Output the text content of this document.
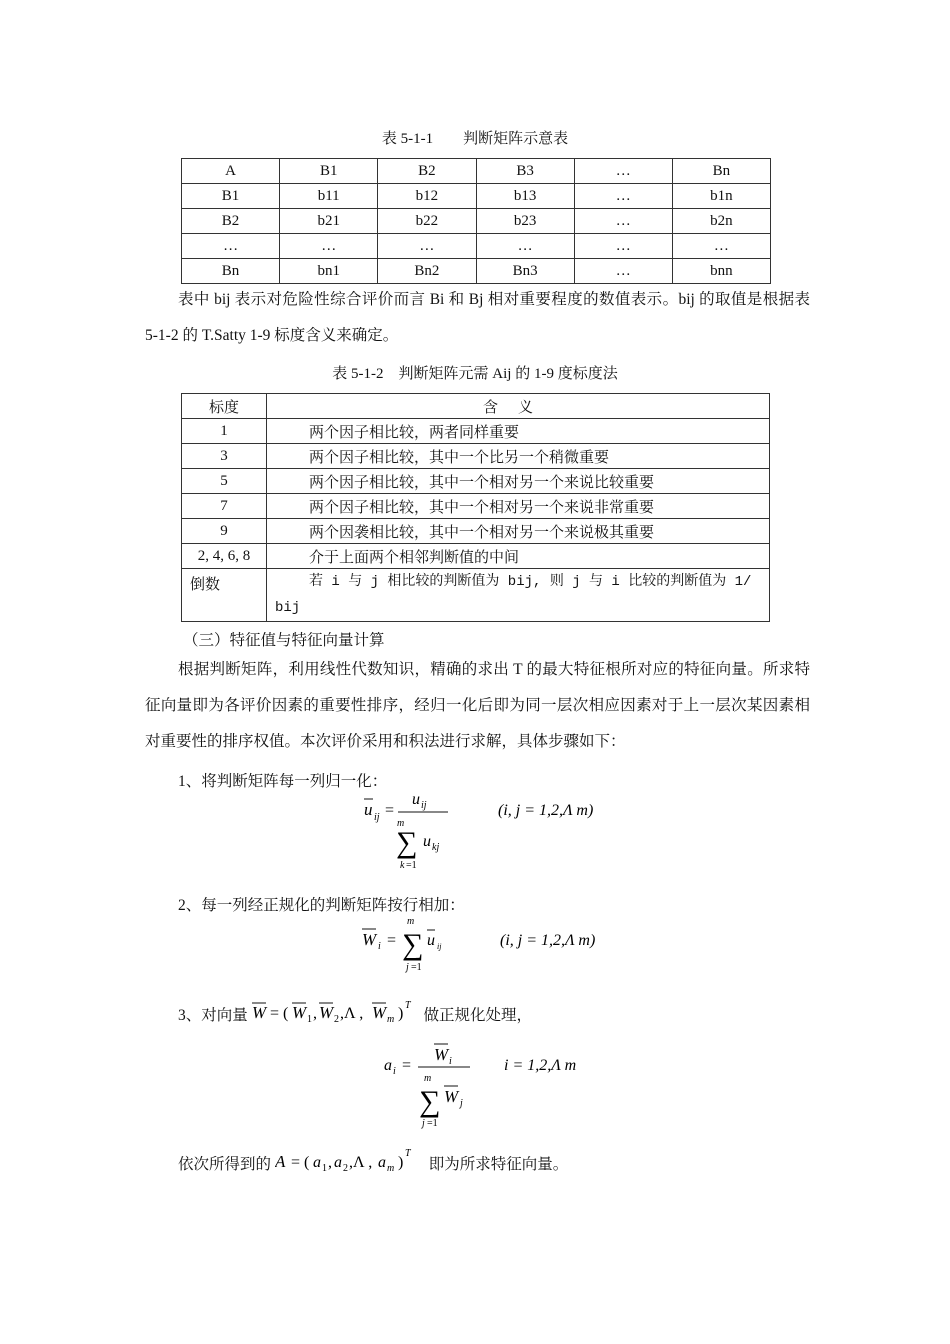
表 5-1-1　　判断矩阵示意表
A	B1	B2	B3	…	Bn
B1	b11	b12	b13	…	b1n
B2	b21	b22	b23	…	b2n
…	…	…	…	…	…
Bn	bn1	Bn2	Bn3	…	bnn
表中 bij 表示对危险性综合评价而言 Bi 和 Bj 相对重要程度的数值表示。bij 的取值是根据表 5-1-2 的 T.Satty 1-9 标度含义来确定。
表 5-1-2　判断矩阵元需 Aij 的 1-9 度标度法
标度	含义
1	两个因子相比较，两者同样重要
3	两个因子相比较，其中一个比另一个稍微重要
5	两个因子相比较，其中一个相对另一个来说比较重要
7	两个因子相比较，其中一个相对另一个来说非常重要
9	两个因袭相比较，其中一个相对另一个来说极其重要
2, 4, 6, 8	介于上面两个相邻判断值的中间
倒数	若 i 与 j 相比较的判断值为 bij, 则 j 与 i 比较的判断值为 1/
bij
（三）特征值与特征向量计算
根据判断矩阵，利用线性代数知识，精确的求出 T 的最大特征根所对应的特征向量。所求特征向量即为各评价因素的重要性排序，经归一化后即为同一层次相应因素对于上一层次某因素相对重要性的排序权值。本次评价采用和积法进行求解，具体步骤如下：
1、将判断矩阵每一列归一化：
u ij =
u ij
m
∑ u kj
k =1
(i, j = 1,2,Λ m)
2、每一列经正规化的判断矩阵按行相加：
W i =
m
∑ u ij
j =1
(i, j = 1,2,Λ m)
3、对向量 W = ( W 1 , W 2 ,Λ , W m ) T
做正规化处理，
a i =
W i
m
∑ W j
j =1
i = 1,2,Λ m
依次所得到的 A = ( a 1 , a 2 ,Λ , a m )
T
即为所求特征向量。
